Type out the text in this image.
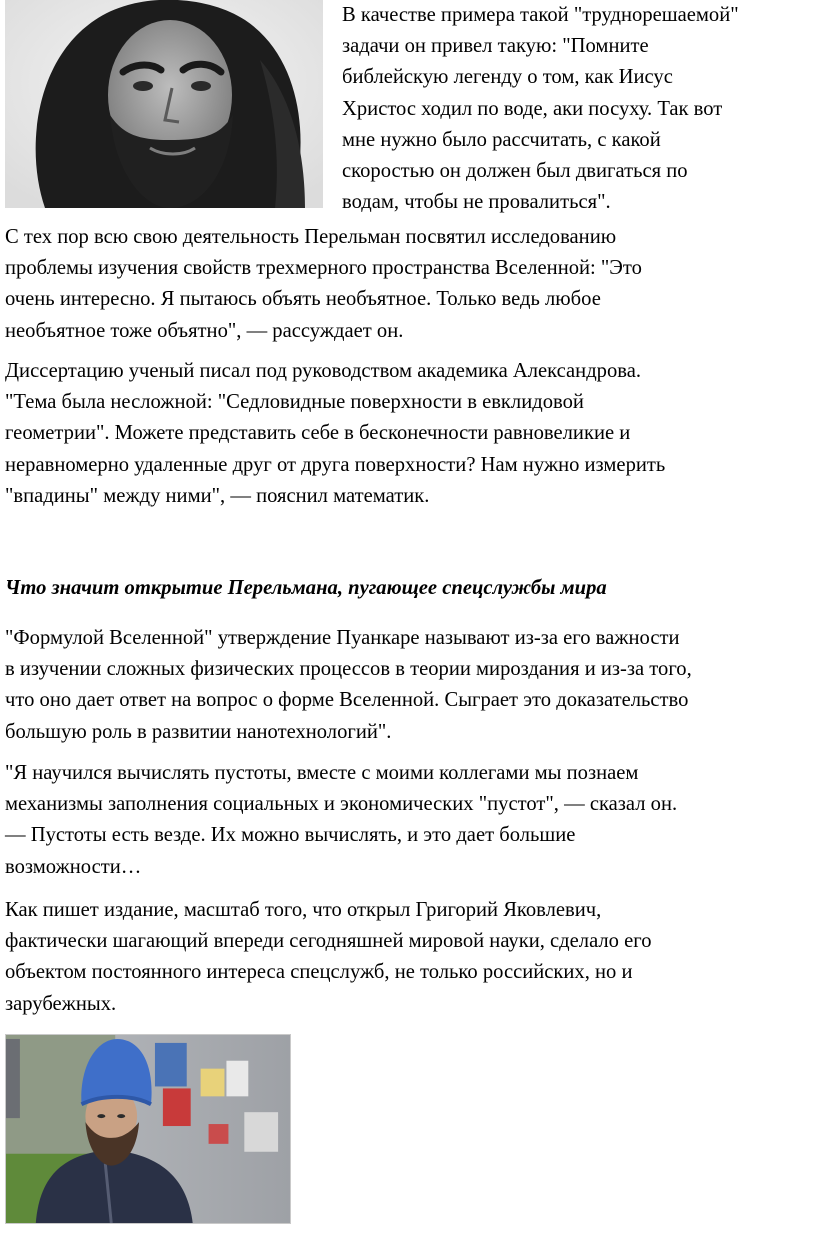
В качестве примера такой "труднорешаемой"
задачи он привел такую: "Помните
библейскую легенду о том, как Иисус
Христос ходил по воде, аки посуху. Так вот
мне нужно было рассчитать, с какой
скоростью он должен был двигаться по
водам, чтобы не провалиться".
С тех пор всю свою деятельность Перельман посвятил исследованию
проблемы изучения свойств трехмерного пространства Вселенной: "Это
очень интересно. Я пытаюсь объять необъятное. Только ведь любое
необъятное тоже объятно", — рассуждает он.
Диссертацию ученый писал под руководством академика Александрова.
"Тема была несложной: "Седловидные поверхности в евклидовой
геометрии". Можете представить себе в бесконечности равновеликие и
неравномерно удаленные друг от друга поверхности? Нам нужно измерить
"впадины" между ними", — пояснил математик.
Что значит открытие Перельмана, пугающее спецслужбы мира
"Формулой Вселенной" утверждение Пуанкаре называют из-за его важности
в изучении сложных физических процессов в теории мироздания и из-за того,
что оно дает ответ на вопрос о форме Вселенной. Сыграет это доказательство
большую роль в развитии нанотехнологий".
"Я научился вычислять пустоты, вместе с моими коллегами мы познаем
механизмы заполнения социальных и экономических "пустот", — сказал он.
— Пустоты есть везде. Их можно вычислять, и это дает большие
возможности…
Как пишет издание, масштаб того, что открыл Григорий Яковлевич,
фактически шагающий впереди сегодняшней мировой науки, сделало его
объектом постоянного интереса спецслужб, не только российских, но и
зарубежных.
